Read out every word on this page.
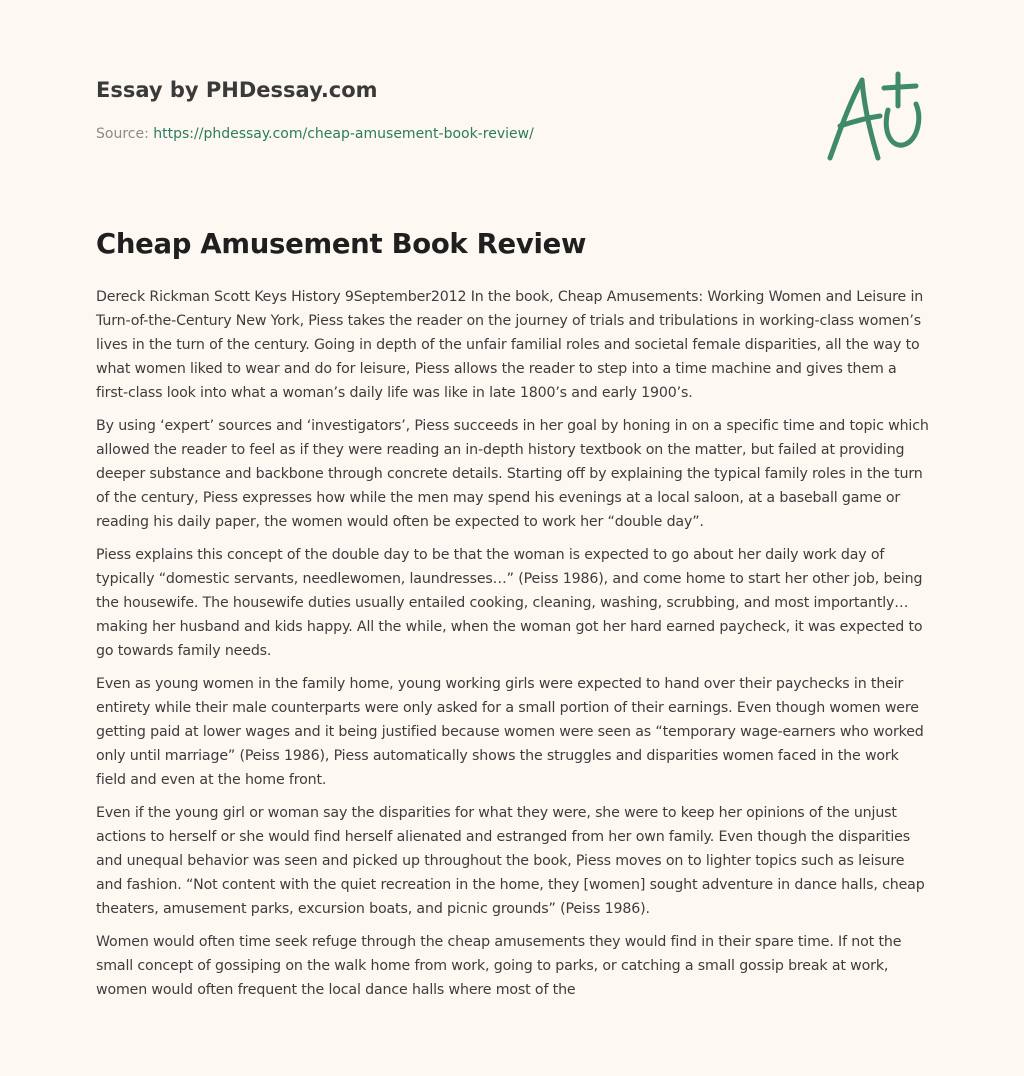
Essay by PHDessay.com
Source: https://phdessay.com/cheap-amusement-book-review/
Cheap Amusement Book Review

Dereck Rickman Scott Keys History 9September2012 In the book, Cheap Amusements: Working Women and Leisure in Turn-of-the-Century New York, Piess takes the reader on the journey of trials and tribulations in working-class women’s lives in the turn of the century. Going in depth of the unfair familial roles and societal female disparities, all the way to what women liked to wear and do for leisure, Piess allows the reader to step into a time machine and gives them a first-class look into what a woman’s daily life was like in late 1800’s and early 1900’s.

By using ‘expert’ sources and ‘investigators’, Piess succeeds in her goal by honing in on a specific time and topic which allowed the reader to feel as if they were reading an in-depth history textbook on the matter, but failed at providing deeper substance and backbone through concrete details. Starting off by explaining the typical family roles in the turn of the century, Piess expresses how while the men may spend his evenings at a local saloon, at a baseball game or reading his daily paper, the women would often be expected to work her “double day”.

Piess explains this concept of the double day to be that the woman is expected to go about her daily work day of typically “domestic servants, needlewomen, laundresses…” (Peiss 1986), and come home to start her other job, being the housewife. The housewife duties usually entailed cooking, cleaning, washing, scrubbing, and most importantly… making her husband and kids happy. All the while, when the woman got her hard earned paycheck, it was expected to go towards family needs.

Even as young women in the family home, young working girls were expected to hand over their paychecks in their entirety while their male counterparts were only asked for a small portion of their earnings. Even though women were getting paid at lower wages and it being justified because women were seen as “temporary wage-earners who worked only until marriage” (Peiss 1986), Piess automatically shows the struggles and disparities women faced in the work field and even at the home front.

Even if the young girl or woman say the disparities for what they were, she were to keep her opinions of the unjust actions to herself or she would find herself alienated and estranged from her own family. Even though the disparities and unequal behavior was seen and picked up throughout the book, Piess moves on to lighter topics such as leisure and fashion. “Not content with the quiet recreation in the home, they [women] sought adventure in dance halls, cheap theaters, amusement parks, excursion boats, and picnic grounds” (Peiss 1986).

Women would often time seek refuge through the cheap amusements they would find in their spare time. If not the small concept of gossiping on the walk home from work, going to parks, or catching a small gossip break at work, women would often frequent the local dance halls where most of the
